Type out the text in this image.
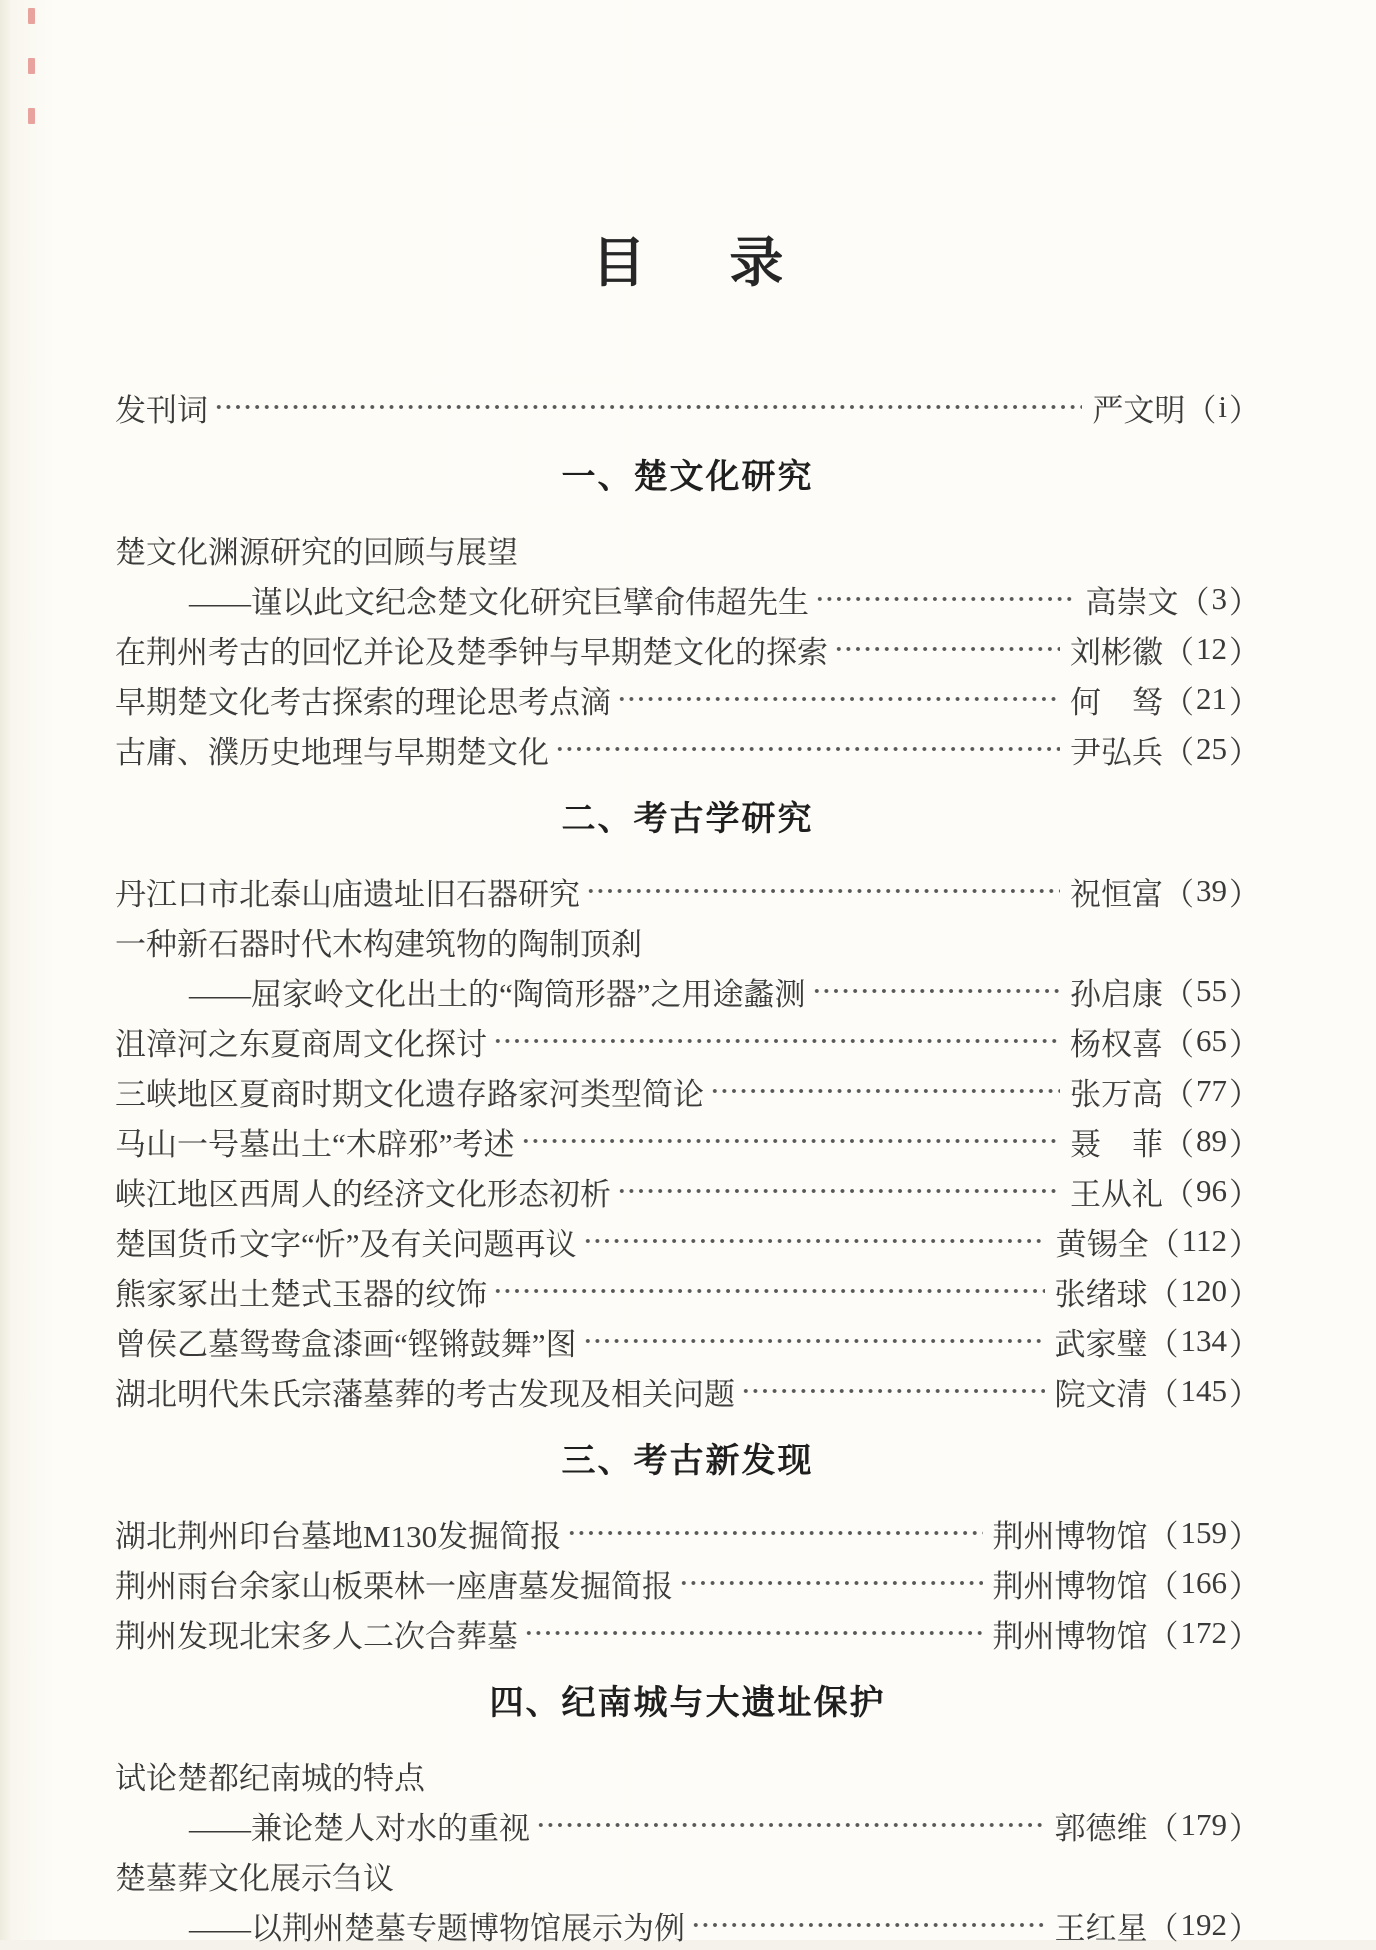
目录
发刊词	严文明 （ i ）
一、楚文化研究
楚文化渊源研究的回顾与展望
——谨以此文纪念楚文化研究巨擘俞伟超先生	高崇文 （ 3 ）
在荆州考古的回忆并论及楚季钟与早期楚文化的探索	刘彬徽 （ 12 ）
早期楚文化考古探索的理论思考点滴	何　驽 （ 21 ）
古庸、濮历史地理与早期楚文化	尹弘兵 （ 25 ）
二、考古学研究
丹江口市北泰山庙遗址旧石器研究	祝恒富 （ 39 ）
一种新石器时代木构建筑物的陶制顶刹
——屈家岭文化出土的“陶筒形器”之用途蠡测	孙启康 （ 55 ）
沮漳河之东夏商周文化探讨	杨权喜 （ 65 ）
三峡地区夏商时期文化遗存路家河类型简论	张万高 （ 77 ）
马山一号墓出土“木辟邪”考述	聂　菲 （ 89 ）
峡江地区西周人的经济文化形态初析	王从礼 （ 96 ）
楚国货币文字“忻”及有关问题再议	黄锡全 （ 112 ）
熊家冢出土楚式玉器的纹饰	张绪球 （ 120 ）
曾侯乙墓鸳鸯盒漆画“铿锵鼓舞”图	武家璧 （ 134 ）
湖北明代朱氏宗藩墓葬的考古发现及相关问题	院文清 （ 145 ）
三、考古新发现
湖北荆州印台墓地M130发掘简报	荆州博物馆 （ 159 ）
荆州雨台余家山板栗林一座唐墓发掘简报	荆州博物馆 （ 166 ）
荆州发现北宋多人二次合葬墓	荆州博物馆 （ 172 ）
四、纪南城与大遗址保护
试论楚都纪南城的特点
——兼论楚人对水的重视	郭德维 （ 179 ）
楚墓葬文化展示刍议
——以荆州楚墓专题博物馆展示为例	王红星 （ 192 ）
